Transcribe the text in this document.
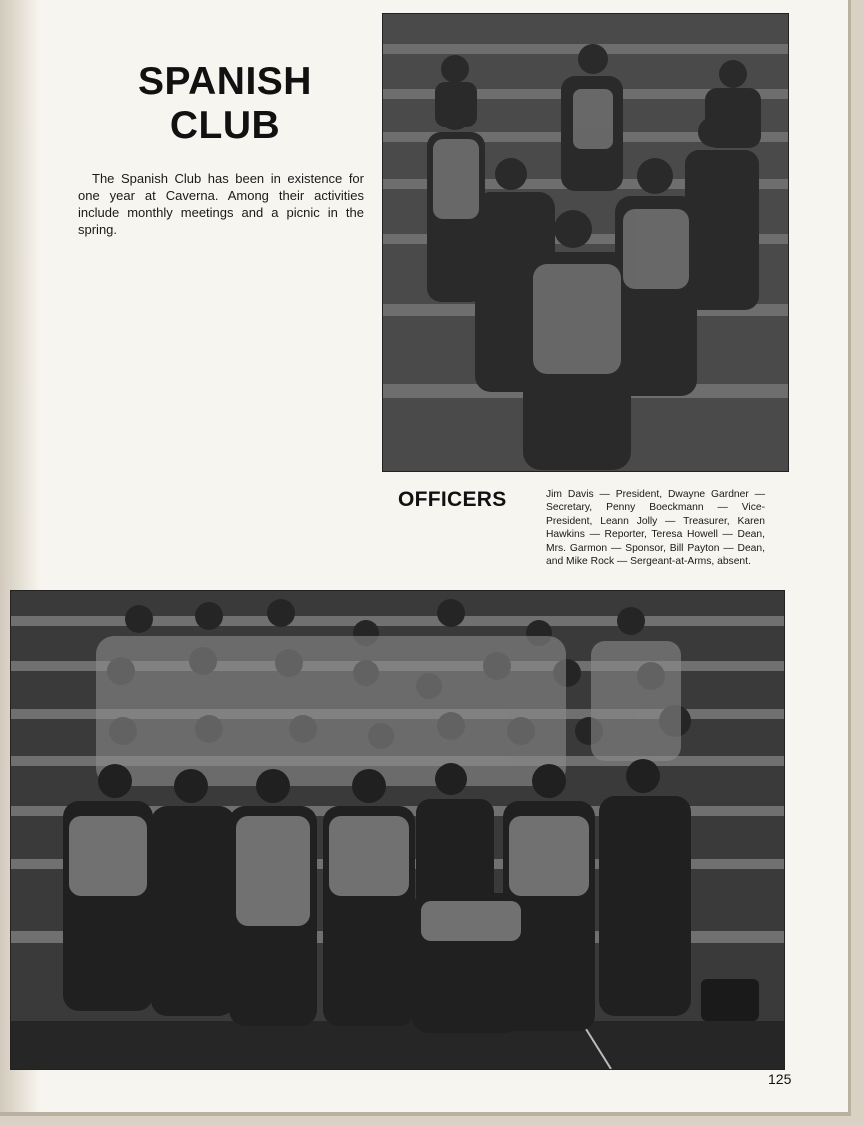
SPANISH CLUB
The Spanish Club has been in existence for one year at Caverna. Among their activities include monthly meetings and a picnic in the spring.
OFFICERS	Jim Davis — President, Dwayne Gardner — Secretary, Penny Boeckmann — Vice-President, Leann Jolly — Treasurer, Karen Hawkins — Reporter, Teresa Howell — Dean, Mrs. Garmon — Sponsor, Bill Payton — Dean, and Mike Rock — Sergeant-at-Arms, absent.
125
